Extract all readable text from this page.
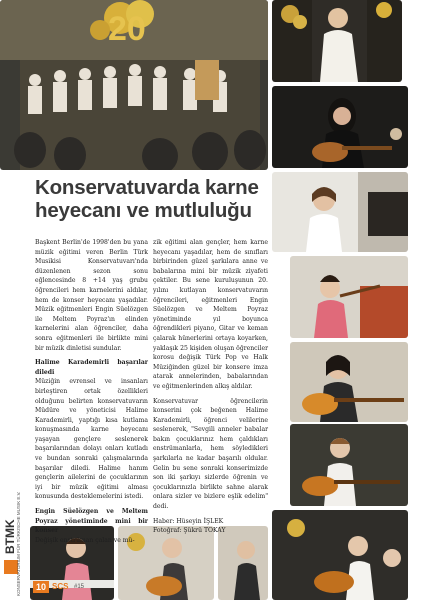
20
Konservatuvarda karne heyecanı ve mutluluğu

Başkent Berlin'de 1998'den bu yana müzik eğitimi veren Berlin Türk Musikisi Konservatuvarı'nda düzenlenen sezon sonu eğlencesinde 8 +14 yaş grubu öğrencileri hem karnelerini aldılar, hem de konser heyecanı yaşadılar. Müzik eğitmenleri Engin Süelözgen ile Meltem Poyraz'ın elinden karnelerini alan öğrenciler, daha sonra eğitmenleri ile birlikte mini bir müzik dinletisi sundular.

Halime Karademirli başarılar diledi

Müziğin evrensel ve insanları birleştiren ortak özellikleri olduğunu belirten konservatuvarın Müdüre ve yöneticisi Halime Karademirli, yaptığı kısa kutlama konuşmasında karne heyecanı yaşayan gençlere seslenerek başarılarından dolayı onları kutladı ve bundan sonraki çalışmalarında başarılar diledi. Halime hanım gençlerin ailelerini de çocuklarının iyi bir müzik eğitimi alması konusunda desteklemelerini istedi.

Engin Süelözgen ve Meltem Poyraz yönetiminde mini bir konser

Değişik enstrüman çalan ve mü-

zik eğitimi alan gençler, hem karne heyecanı yaşadılar, hem de sınıfları birbirinden güzel şarkılara anne ve babalarına mini bir müzik ziyafeti çektiler. Bu sene kuruluşunun 20. yılını kutlayan konservatuvarın öğrencileri, eğitmenleri Engin Süelözgen ve Meltem Poyraz yönetiminde yıl boyunca öğrendikleri piyano, Gitar ve keman çalarak hünerlerini ortaya koyarken, yaklaşık 25 kişiden oluşan öğrenciler korosu değişik Türk Pop ve Halk Müziğinden güzel bir konsere imza atarak annelerinden, babalarından ve eğitmenlerinden alkış aldılar.

Konservatuvar öğrencilerin konserini çok beğenen Halime Karademirli, öğrenci velilerine seslenerek, "Sevgili anneler babalar bakın çocuklarınız hem çaldıkları enstrümanlarla, hem söyledikleri şarkılarla ne kadar başarılı oldular. Gelin bu sene sonraki konserimizde son iki şarkıyı sizlerde öğrenin ve çocuklarınızla birlikte sahne alarak onlara sizler ve bizlere eşlik edelim" dedi.

Haber: Hüseyin İŞLEK

Fotoğraf: Şükrü TOKAY

BTMK KONSERVATORIUM FÜR TÜRKISCHE MUSIK E.V.	10 SCS #15
